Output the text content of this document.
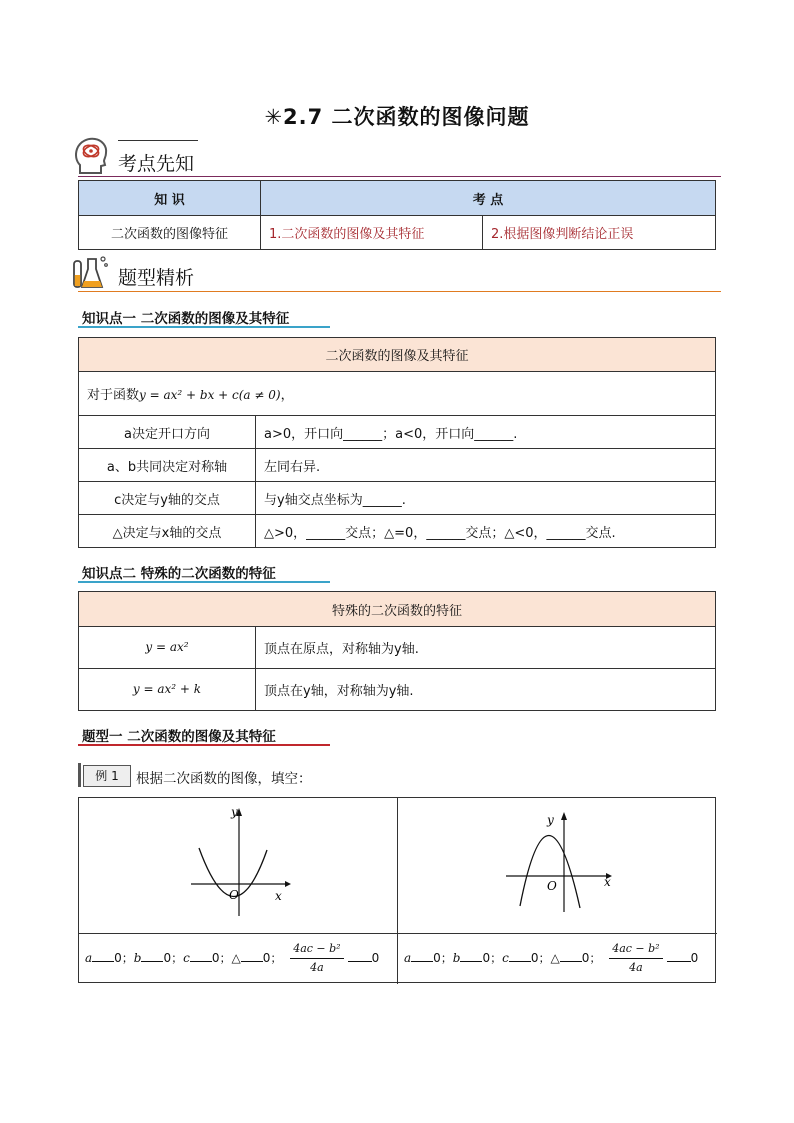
✳2.7 二次函数的图像问题
考点先知
知 识	考 点	
二次函数的图像特征	1.二次函数的图像及其特征	2.根据图像判断结论正误
题型精析
知识点一 二次函数的图像及其特征
二次函数的图像及其特征	
对于函数y = ax² + bx + c(a ≠ 0)，	
a决定开口方向	a>0，开口向______；a<0，开口向______.
a、b共同决定对称轴	左同右异.
c决定与y轴的交点	与y轴交点坐标为______.
△决定与x轴的交点	△>0，______交点；△=0，______交点；△<0，______交点.
知识点二 特殊的二次函数的特征
特殊的二次函数的特征	
y = ax²	顶点在原点，对称轴为y轴.
y = ax² + k	顶点在y轴，对称轴为y轴.
题型一 二次函数的图像及其特征
例 1	根据二次函数的图像，填空：
O	x
y
O	x
y
a 0；b 0；c 0；△ 0； $\frac{\text{4ac − b²}}{4a} 0$	a 0；b 0；c 0；△ 0； $\frac{\text{4ac − b²}}{4a} 0$
